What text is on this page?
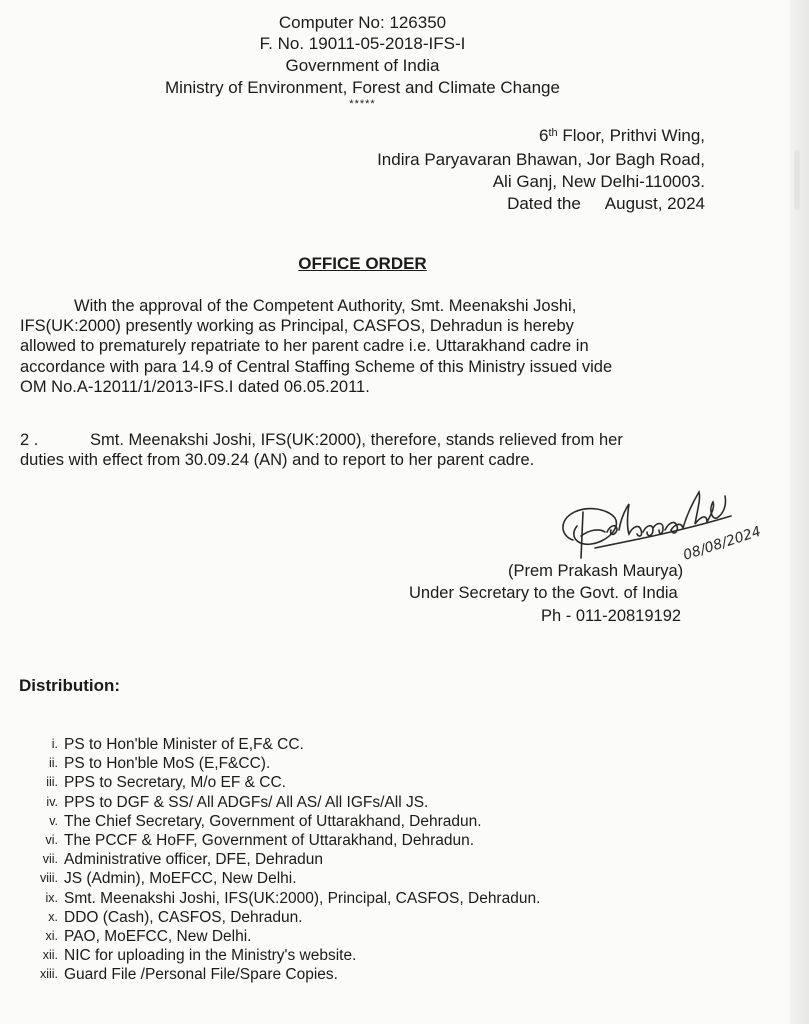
Computer No: 126350
F. No. 19011-05-2018-IFS-I
Government of India
Ministry of Environment, Forest and Climate Change
*****
6th Floor, Prithvi Wing,
Indira Paryavaran Bhawan, Jor Bagh Road,
Ali Ganj, New Delhi-110003.
Dated the August, 2024
OFFICE ORDER
With the approval of the Competent Authority, Smt. Meenakshi Joshi,
IFS(UK:2000) presently working as Principal, CASFOS, Dehradun is hereby
allowed to prematurely repatriate to her parent cadre i.e. Uttarakhand cadre in
accordance with para 14.9 of Central Staffing Scheme of this Ministry issued vide
OM No.A-12011/1/2013-IFS.I dated 06.05.2011.
2 .	Smt. Meenakshi Joshi, IFS(UK:2000), therefore, stands relieved from her
duties with effect from 30.09.24 (AN) and to report to her parent cadre.
08/08/2024
(Prem Prakash Maurya)
Under Secretary to the Govt. of India
Ph - 011-20819192
Distribution:
i. PS to Hon'ble Minister of E,F& CC.
ii. PS to Hon'ble MoS (E,F&CC).
iii. PPS to Secretary, M/o EF & CC.
iv. PPS to DGF & SS/ All ADGFs/ All AS/ All IGFs/All JS.
v. The Chief Secretary, Government of Uttarakhand, Dehradun.
vi. The PCCF & HoFF, Government of Uttarakhand, Dehradun.
vii. Administrative officer, DFE, Dehradun
viii. JS (Admin), MoEFCC, New Delhi.
ix. Smt. Meenakshi Joshi, IFS(UK:2000), Principal, CASFOS, Dehradun.
x. DDO (Cash), CASFOS, Dehradun.
xi. PAO, MoEFCC, New Delhi.
xii. NIC for uploading in the Ministry's website.
xiii. Guard File /Personal File/Spare Copies.
